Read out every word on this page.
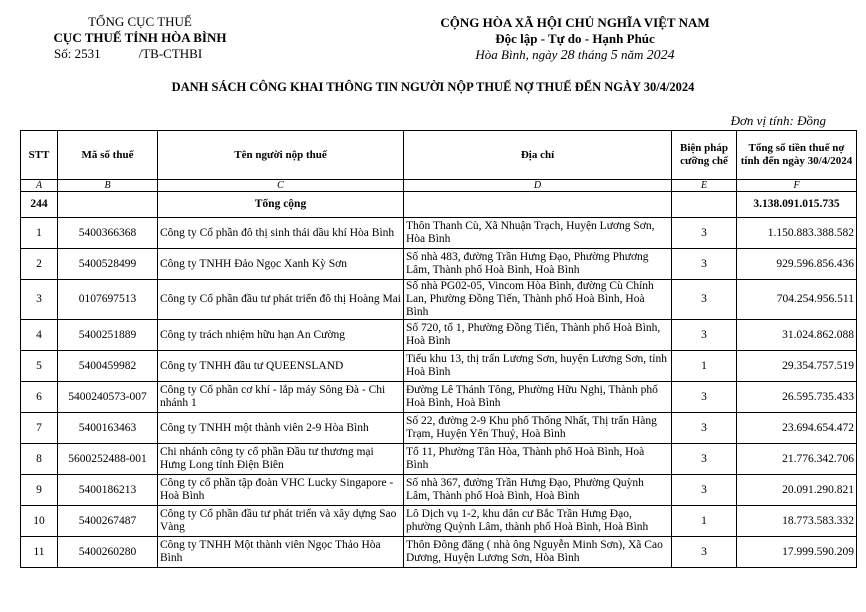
TỔNG CỤC THUẾ
CỤC THUẾ TỈNH HÒA BÌNH
Số: 2531	/TB-CTHBI
CỘNG HÒA XÃ HỘI CHỦ NGHĨA VIỆT NAM
Độc lập - Tự do - Hạnh Phúc
Hòa Bình, ngày 28 tháng 5 năm 2024
DANH SÁCH CÔNG KHAI THÔNG TIN NGƯỜI NỘP THUẾ NỢ THUẾ ĐẾN NGÀY 30/4/2024
Đơn vị tính: Đồng
STT	Mã số thuế	Tên người nộp thuế	Địa chỉ	Biện pháp cưỡng chế	Tổng số tiền thuế nợ tính đến ngày 30/4/2024
A	B	C	D	E	F
244		Tổng cộng			3.138.091.015.735
1	5400366368	Công ty Cổ phần đô thị sinh thái dầu khí Hòa Bình	Thôn Thanh Cù, Xã Nhuận Trạch, Huyện Lương Sơn, Hòa Bình	3	1.150.883.388.582
2	5400528499	Công ty TNHH Đảo Ngọc Xanh Kỳ Sơn	Số nhà 483, đường Trần Hưng Đạo, Phường Phương Lâm, Thành phố Hoà Bình, Hoà Bình	3	929.596.856.436
3	0107697513	Công ty Cổ phần đầu tư phát triển đô thị Hoàng Mai	Số nhà PG02-05, Vincom Hòa Bình, đường Cù Chính Lan, Phường Đồng Tiến, Thành phố Hoà Bình, Hoà Bình	3	704.254.956.511
4	5400251889	Công ty trách nhiệm hữu hạn An Cường	Số 720, tổ 1, Phường Đồng Tiến, Thành phố Hoà Bình, Hoà Bình	3	31.024.862.088
5	5400459982	Công ty TNHH đầu tư QUEENSLAND	Tiểu khu 13, thị trấn Lương Sơn, huyện Lương Sơn, tỉnh Hoà Bình	1	29.354.757.519
6	5400240573-007	Công ty Cổ phần cơ khí - lắp máy Sông Đà - Chi nhánh 1	Đường Lê Thánh Tông, Phường Hữu Nghị, Thành phố Hoà Bình, Hoà Bình	3	26.595.735.433
7	5400163463	Công ty TNHH một thành viên 2-9 Hòa Bình	Số 22, đường 2-9 Khu phố Thống Nhất, Thị trấn Hàng Trạm, Huyện Yên Thuỷ, Hoà Bình	3	23.694.654.472
8	5600252488-001	Chi nhánh công ty cổ phần Đầu tư thương mại Hưng Long tỉnh Điện Biên	Tổ 11, Phường Tân Hòa, Thành phố Hoà Bình, Hoà Bình	3	21.776.342.706
9	5400186213	Công ty cổ phần tập đoàn VHC Lucky Singapore - Hoà Bình	Số nhà 367, đường Trần Hưng Đạo, Phường Quỳnh Lâm, Thành phố Hoà Bình, Hoà Bình	3	20.091.290.821
10	5400267487	Công ty Cổ phần đầu tư phát triển và xây dựng Sao Vàng	Lô Dịch vụ 1-2, khu dân cư Bắc Trần Hưng Đạo, phường Quỳnh Lâm, thành phố Hoà Bình, Hoà Bình	1	18.773.583.332
11	5400260280	Công ty TNHH Một thành viên Ngọc Thảo Hòa Bình	Thôn Đông đăng ( nhà ông Nguyễn Minh Sơn), Xã Cao Dương, Huyện Lương Sơn, Hòa Bình	3	17.999.590.209
